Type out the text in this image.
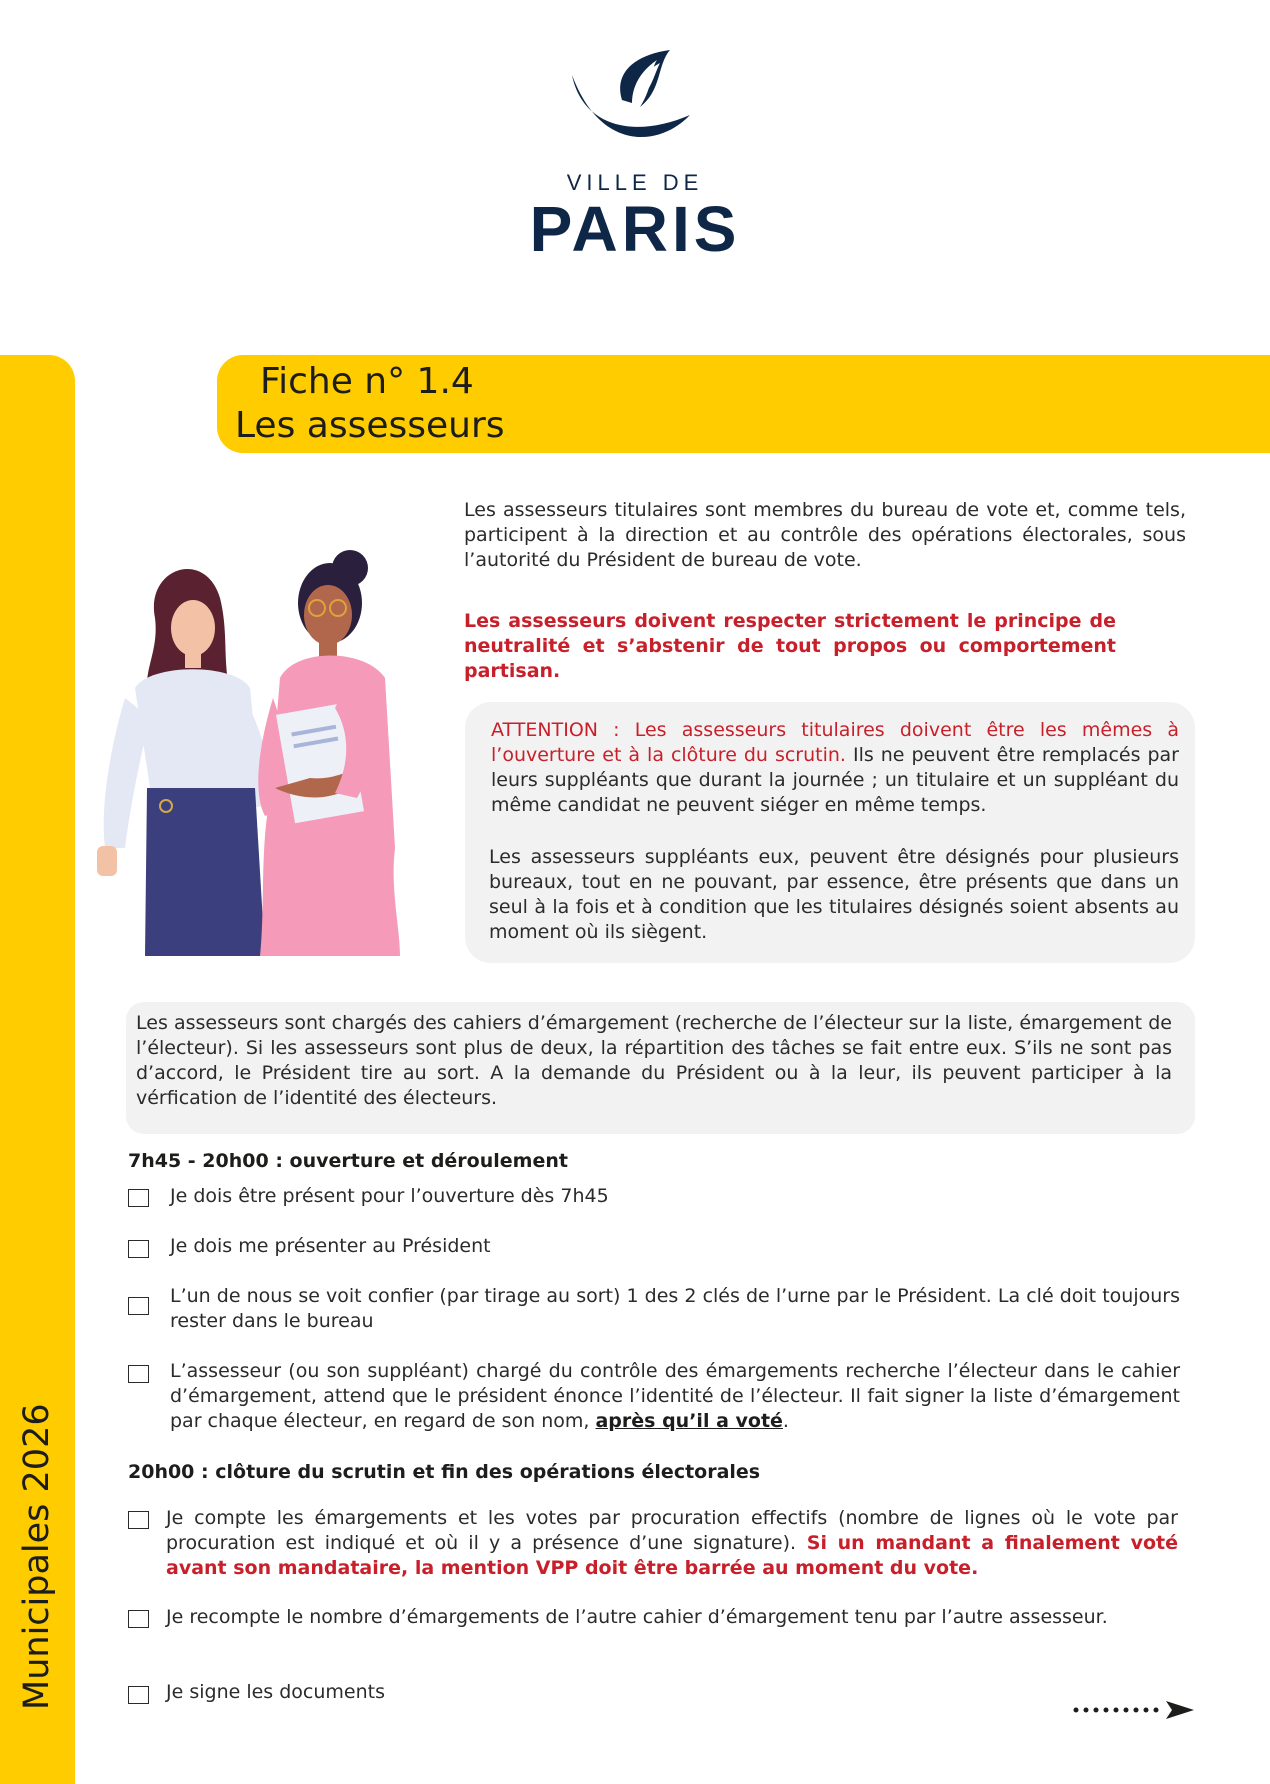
VILLE DE
PARIS
Municipales 2026
Fiche n° 1.4
Les assesseurs
Les assesseurs titulaires sont membres du bureau de vote et, comme tels, participent à la direction et au contrôle des opérations électorales, sous l’autorité du Président de bureau de vote.
Les assesseurs doivent respecter strictement le principe de neutralité et s’abstenir de tout propos ou comportement partisan.
ATTENTION : Les assesseurs titulaires doivent être les mêmes à l’ouverture et à la clôture du scrutin. Ils ne peuvent être remplacés par leurs suppléants que durant la journée ; un titulaire et un suppléant du même candidat ne peuvent siéger en même temps.
Les assesseurs suppléants eux, peuvent être désignés pour plusieurs bureaux, tout en ne pouvant, par essence, être présents que dans un seul à la fois et à condition que les titulaires désignés soient absents au moment où ils siègent.
Les assesseurs sont chargés des cahiers d’émargement (recherche de l’électeur sur la liste, émargement de l’électeur). Si les assesseurs sont plus de deux, la répartition des tâches se fait entre eux. S’ils ne sont pas d’accord, le Président tire au sort. A la demande du Président ou à la leur, ils peuvent participer à la vérfication de l’identité des électeurs.
7h45 - 20h00 : ouverture et déroulement
Je dois être présent pour l’ouverture dès 7h45
Je dois me présenter au Président
L’un de nous se voit confier (par tirage au sort) 1 des 2 clés de l’urne par le Président. La clé doit toujours rester dans le bureau
L’assesseur (ou son suppléant) chargé du contrôle des émargements recherche l’électeur dans le cahier d’émargement, attend que le président énonce l’identité de l’électeur. Il fait signer la liste d’émargement par chaque électeur, en regard de son nom, après qu’il a voté.
20h00 : clôture du scrutin et fin des opérations électorales
Je compte les émargements et les votes par procuration effectifs (nombre de lignes où le vote par procuration est indiqué et où il y a présence d’une signature). Si un mandant a finalement voté avant son mandataire, la mention VPP doit être barrée au moment du vote.
Je recompte le nombre d’émargements de l’autre cahier d’émargement tenu par l’autre assesseur.
Je signe les documents
